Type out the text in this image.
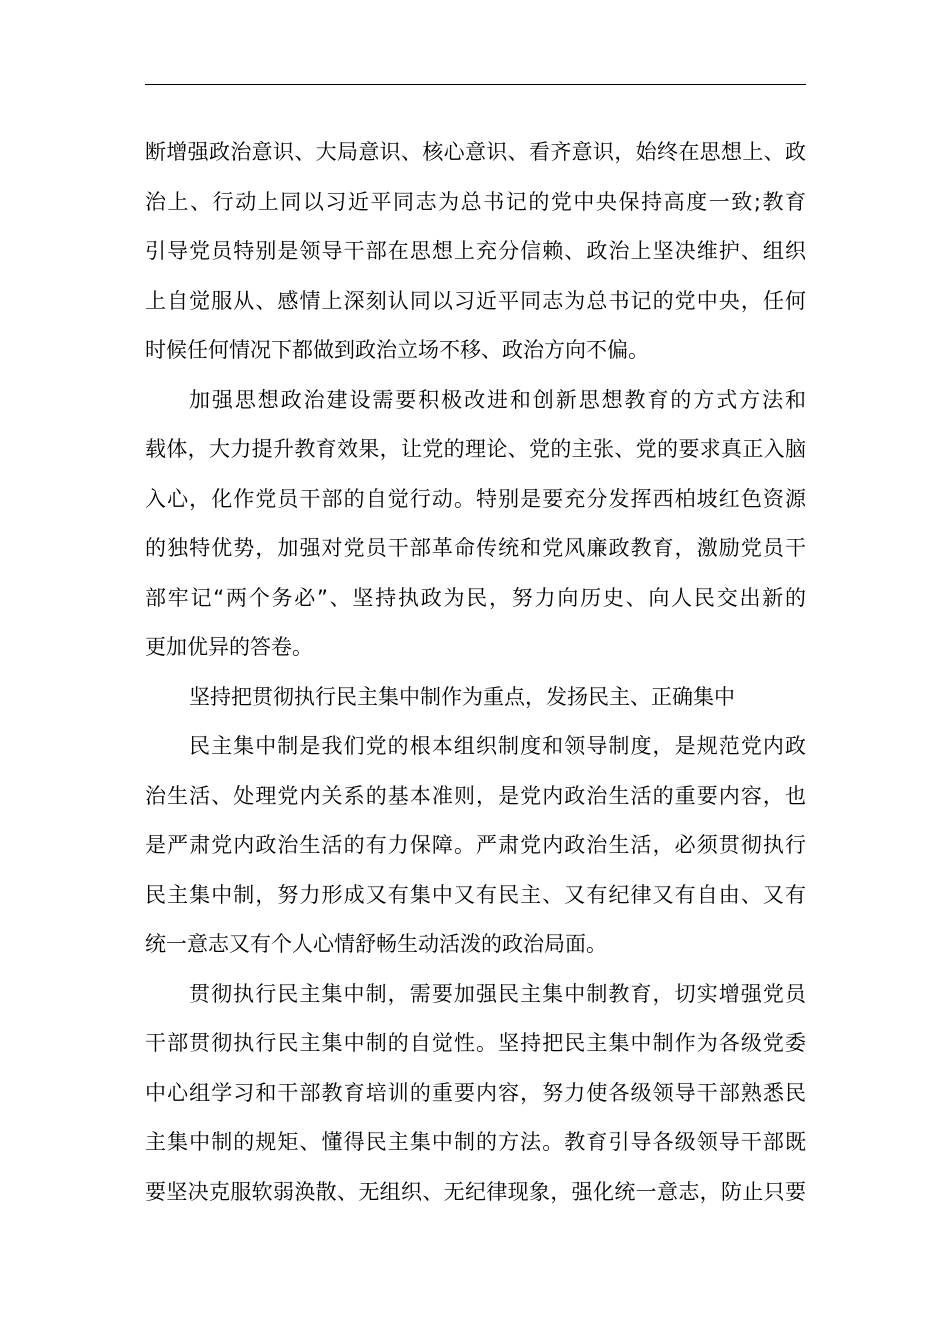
断增强政治意识、大局意识、核心意识、看齐意识，始终在思想上、政
治上、行动上同以习近平同志为总书记的党中央保持高度一致;教育
引导党员特别是领导干部在思想上充分信赖、政治上坚决维护、组织
上自觉服从、感情上深刻认同以习近平同志为总书记的党中央，任何
时候任何情况下都做到政治立场不移、政治方向不偏。
加强思想政治建设需要积极改进和创新思想教育的方式方法和
载体，大力提升教育效果，让党的理论、党的主张、党的要求真正入脑
入心，化作党员干部的自觉行动。特别是要充分发挥西柏坡红色资源
的独特优势，加强对党员干部革命传统和党风廉政教育，激励党员干
部牢记“两个务必”、坚持执政为民，努力向历史、向人民交出新的
更加优异的答卷。
坚持把贯彻执行民主集中制作为重点，发扬民主、正确集中
民主集中制是我们党的根本组织制度和领导制度，是规范党内政
治生活、处理党内关系的基本准则，是党内政治生活的重要内容，也
是严肃党内政治生活的有力保障。严肃党内政治生活，必须贯彻执行
民主集中制，努力形成又有集中又有民主、又有纪律又有自由、又有
统一意志又有个人心情舒畅生动活泼的政治局面。
贯彻执行民主集中制，需要加强民主集中制教育，切实增强党员
干部贯彻执行民主集中制的自觉性。坚持把民主集中制作为各级党委
中心组学习和干部教育培训的重要内容，努力使各级领导干部熟悉民
主集中制的规矩、懂得民主集中制的方法。教育引导各级领导干部既
要坚决克服软弱涣散、无组织、无纪律现象，强化统一意志，防止只要
